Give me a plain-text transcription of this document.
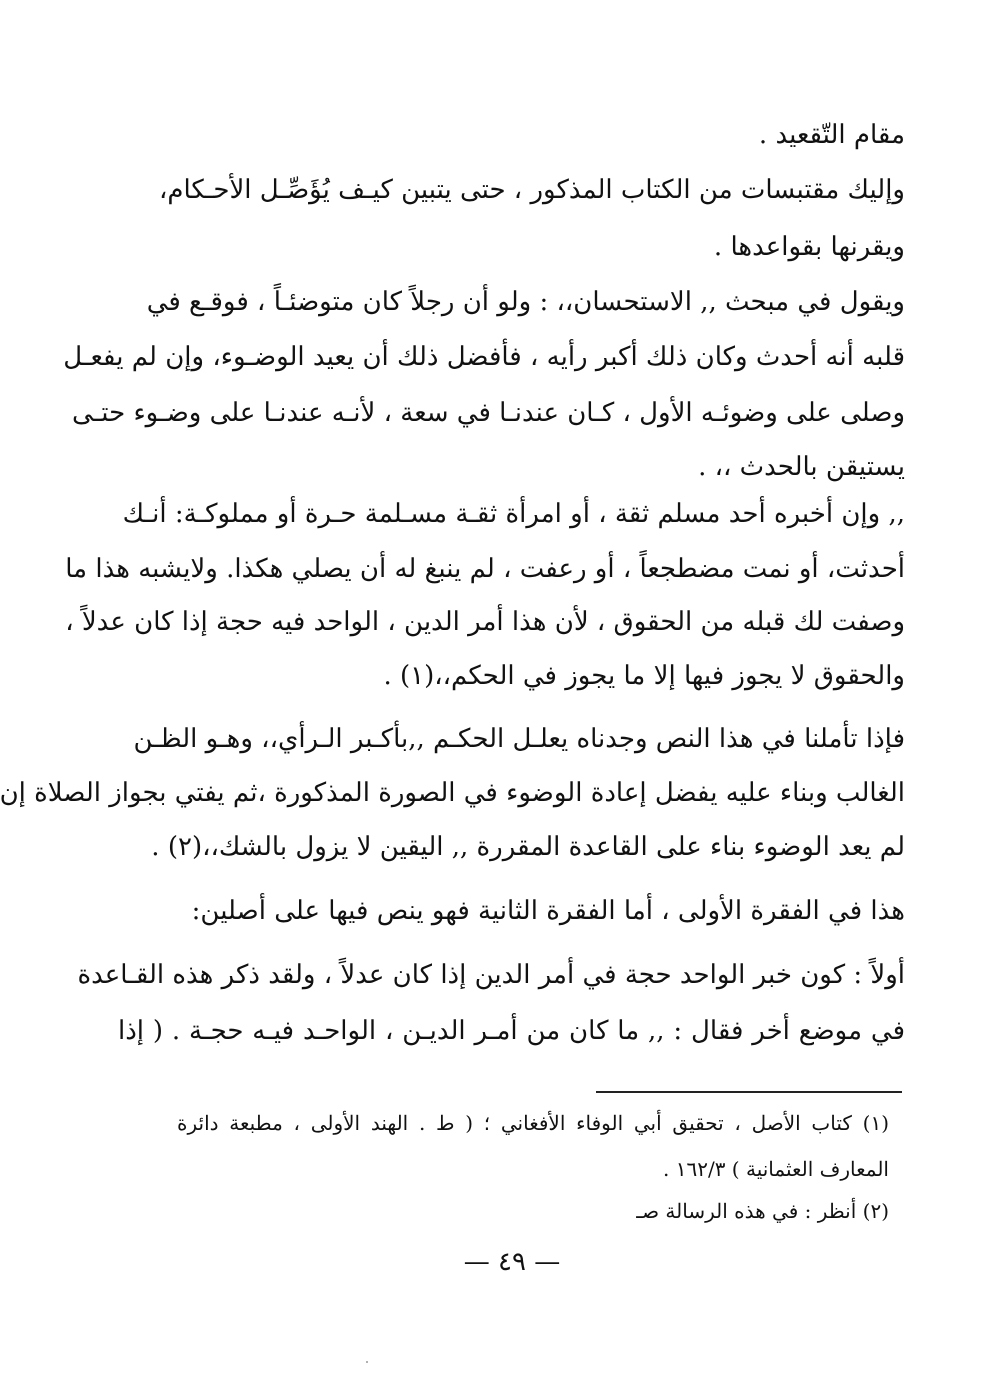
مقام التّقعيد .
وإليك مقتبسات من الكتاب المذكور ، حتى يتبين كيـف يُؤَصِّـل الأحـكام،
ويقرنها بقواعدها .
ويقول في مبحث ,, الاستحسان،، : ولو أن رجلاً كان متوضئـاً ، فوقـع في
قلبه أنه أحدث وكان ذلك أكبر رأيه ، فأفضل ذلك أن يعيد الوضـوء، وإن لم يفعـل
وصلى على وضوئـه الأول ، كـان عندنـا في سعة ، لأنـه عندنـا على وضـوء حتـى
يستيقن بالحدث ،، .
,, وإن أخبره أحد مسلم ثقة ، أو امرأة ثقـة مسـلمة حـرة أو مملوكـة: أنـك
أحدثت، أو نمت مضطجعاً ، أو رعفت ، لم ينبغ له أن يصلي هكذا. ولايشبه هذا ما
وصفت لك قبله من الحقوق ، لأن هذا أمر الدين ، الواحد فيه حجة إذا كان عدلاً ،
والحقوق لا يجوز فيها إلا ما يجوز في الحكم،،(١) .
فإذا تأملنا في هذا النص وجدناه يعلـل الحكـم ,,بأكـبر الـرأي،، وهـو الظـن
الغالب وبناء عليه يفضل إعادة الوضوء في الصورة المذكورة ،ثم يفتي بجواز الصلاة إن
لم يعد الوضوء بناء على القاعدة المقررة ,, اليقين لا يزول بالشك،،(٢) .
هذا في الفقرة الأولى ، أما الفقرة الثانية فهو ينص فيها على أصلين:
أولاً : كون خبر الواحد حجة في أمر الدين إذا كان عدلاً ، ولقد ذكر هذه القـاعدة
في موضع أخر فقال : ,, ما كان من أمـر الديـن ، الواحـد فيـه حجـة . ( إذا
(١) كتاب الأصل ، تحقيق أبي الوفاء الأفغاني ؛ ( ط . الهند الأولى ، مطبعة دائرة
المعارف العثمانية ) ١٦٢/٣ .
(٢) أنظر : في هذه الرسالة صـ
— ٤٩ —
